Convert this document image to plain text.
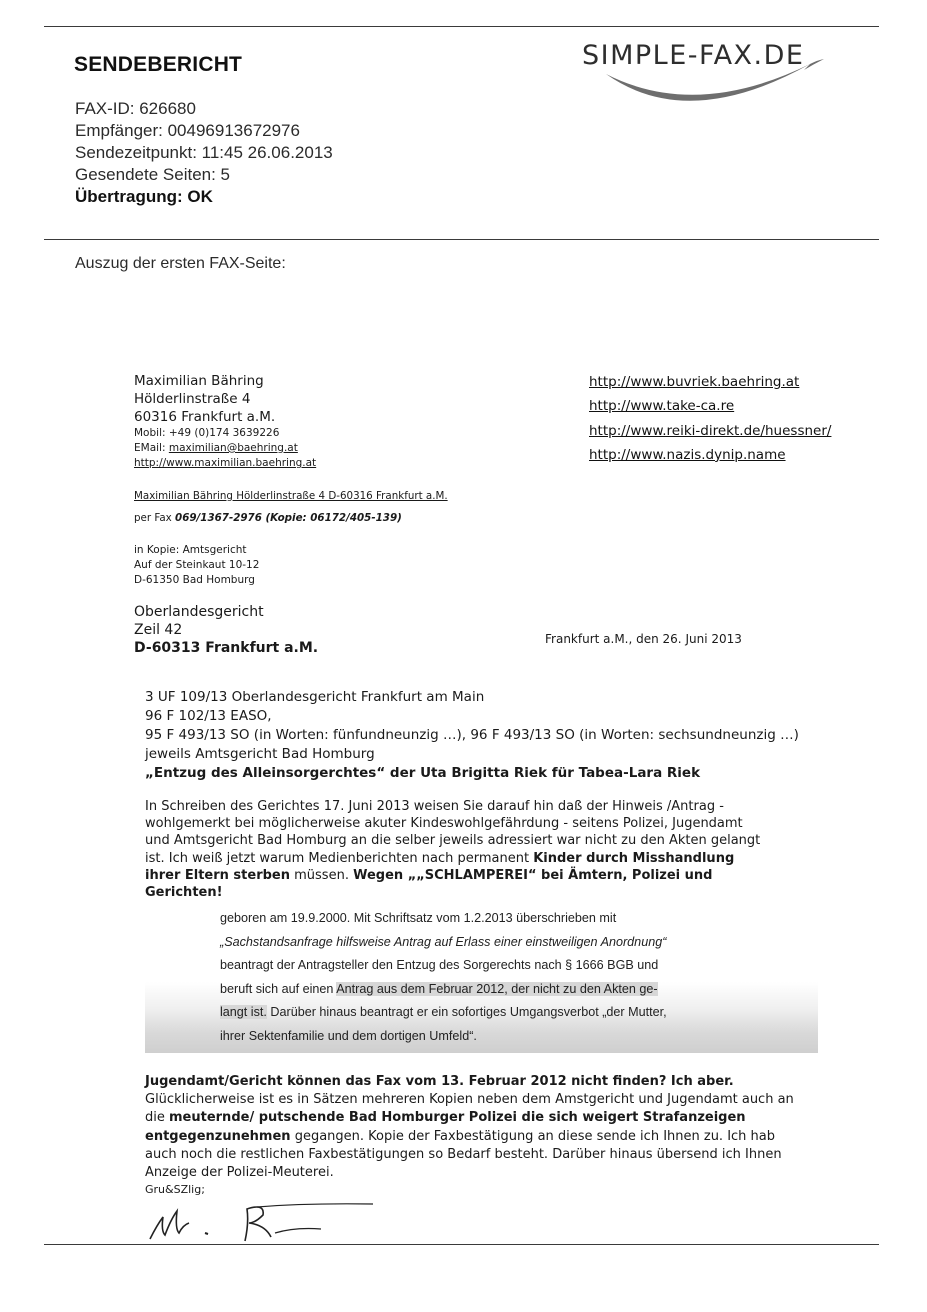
SENDEBERICHT
FAX-ID: 626680
Empfänger: 00496913672976
Sendezeitpunkt: 11:45 26.06.2013
Gesendete Seiten: 5
Übertragung: OK
SIMPLE-FAX.DE
Auszug der ersten FAX-Seite:
Maximilian Bähring
Hölderlinstraße 4
60316 Frankfurt a.M.
Mobil: +49 (0)174 3639226
EMail: maximilian@baehring.at
http://www.maximilian.baehring.at
http://www.buvriek.baehring.at
http://www.take-ca.re
http://www.reiki-direkt.de/huessner/
http://www.nazis.dynip.name
Maximilian Bähring Hölderlinstraße 4 D-60316 Frankfurt a.M.
per Fax 069/1367-2976 (Kopie: 06172/405-139)
in Kopie: Amtsgericht
Auf der Steinkaut 10-12
D-61350 Bad Homburg
Oberlandesgericht
Zeil 42
D-60313 Frankfurt a.M.
Frankfurt a.M., den 26. Juni 2013
3 UF 109/13 Oberlandesgericht Frankfurt am Main
96 F 102/13 EASO,
95 F 493/13 SO (in Worten: fünfundneunzig …), 96 F 493/13 SO (in Worten: sechsundneunzig …)
jeweils Amtsgericht Bad Homburg
„Entzug des Alleinsorgerchtes“ der Uta Brigitta Riek für Tabea-Lara Riek
In Schreiben des Gerichtes 17. Juni 2013 weisen Sie darauf hin daß der Hinweis /Antrag - wohlgemerkt bei möglicherweise akuter Kindeswohlgefährdung - seitens Polizei, Jugendamt und Amtsgericht Bad Homburg an die selber jeweils adressiert war nicht zu den Akten gelangt ist. Ich weiß jetzt warum Medienberichten nach permanent Kinder durch Misshandlung ihrer Eltern sterben müssen. Wegen „„SCHLAMPEREI“ bei Ämtern, Polizei und Gerichten!
geboren am 19.9.2000. Mit Schriftsatz vom 1.2.2013 überschrieben mit
„Sachstandsanfrage hilfsweise Antrag auf Erlass einer einstweiligen Anordnung“
beantragt der Antragsteller den Entzug des Sorgerechts nach § 1666 BGB und
beruft sich auf einen Antrag aus dem Februar 2012, der nicht zu den Akten ge-
langt ist. Darüber hinaus beantragt er ein sofortiges Umgangsverbot „der Mutter,
ihrer Sektenfamilie und dem dortigen Umfeld“.
Jugendamt/Gericht können das Fax vom 13. Februar 2012 nicht finden? Ich aber. Glücklicherweise ist es in Sätzen mehreren Kopien neben dem Amstgericht und Jugendamt auch an die meuternde/ putschende Bad Homburger Polizei die sich weigert Strafanzeigen entgegenzunehmen gegangen. Kopie der Faxbestätigung an diese sende ich Ihnen zu. Ich hab auch noch die restlichen Faxbestätigungen so Bedarf besteht. Darüber hinaus übersend ich Ihnen Anzeige der Polizei-Meuterei.
Gru&SZlig;
